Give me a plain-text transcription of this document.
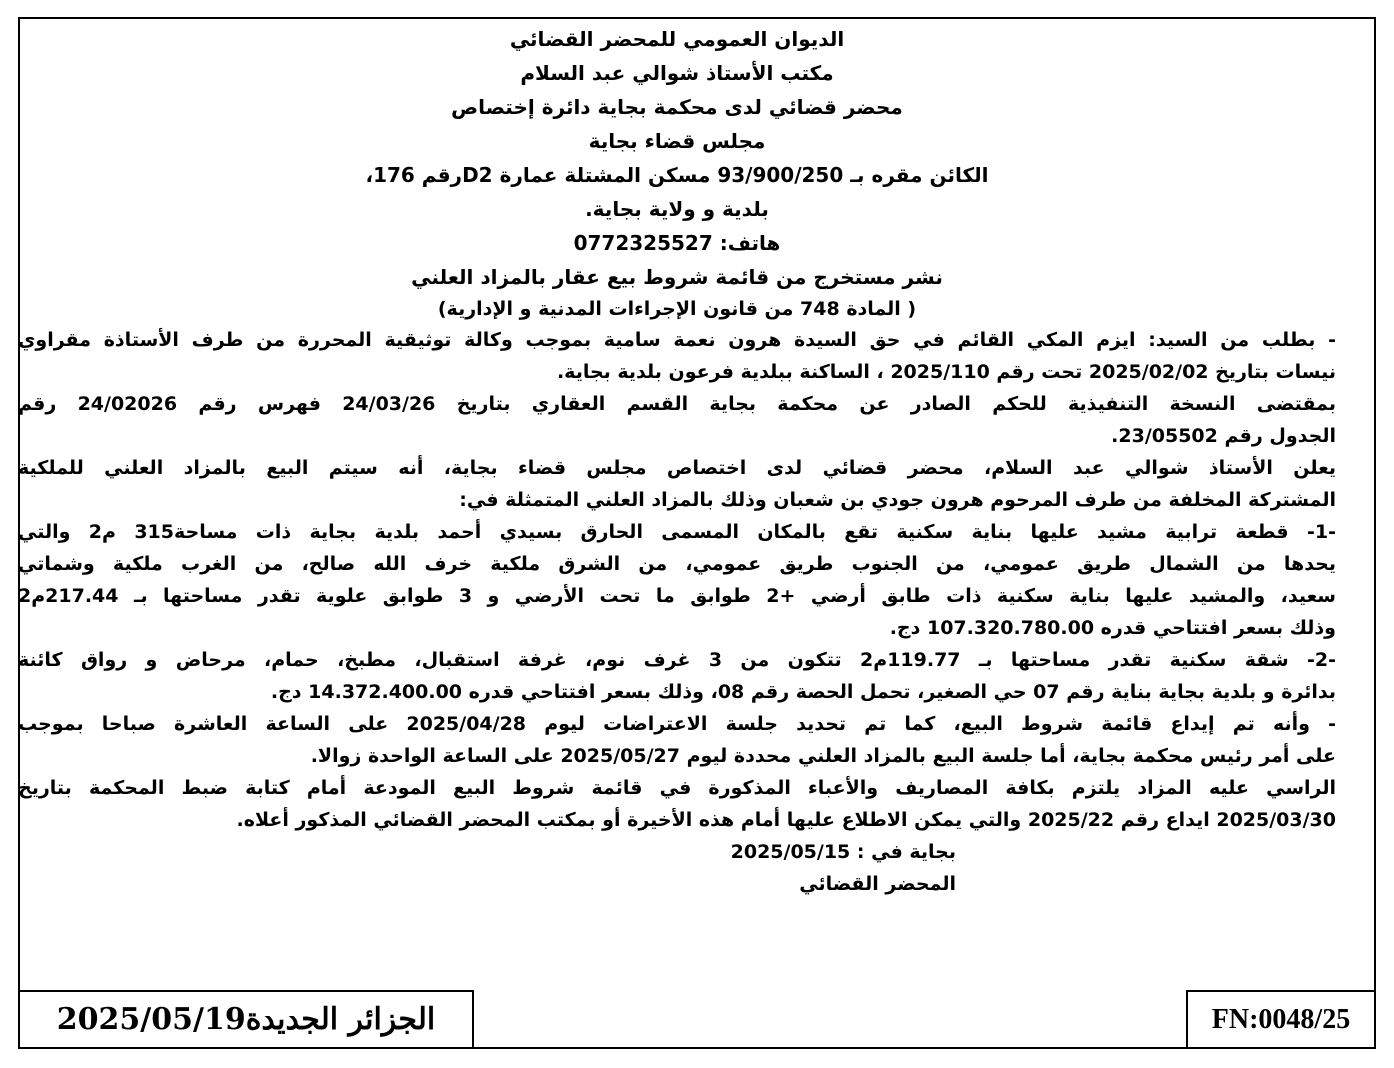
الديوان العمومي للمحضر القضائي
مكتب الأستاذ شوالي عبد السلام
محضر قضائي لدى محكمة بجاية دائرة إختصاص
مجلس قضاء بجاية
الكائن مقره بـ 93/900/250 مسكن المشتلة عمارة D2رقم 176،
بلدية و ولاية بجاية.
هاتف: 0772325527
نشر مستخرج من قائمة شروط بيع عقار بالمزاد العلني
( المادة 748 من قانون الإجراءات المدنية و الإدارية)
- بطلب من السيد: ايزم المكي القائم في حق السيدة هرون نعمة سامية بموجب وكالة توثيقية المحررة من طرف الأستاذة مقراوي
نيسات بتاريخ 2025/02/02 تحت رقم 2025/110 ، الساكنة ببلدية فرعون بلدية بجاية.
بمقتضى النسخة التنفيذية للحكم الصادر عن محكمة بجاية القسم العقاري بتاريخ 24/03/26 فهرس رقم 24/02026 رقم
الجدول رقم 23/05502.
يعلن الأستاذ شوالي عبد السلام، محضر قضائي لدى اختصاص مجلس قضاء بجاية، أنه سيتم البيع بالمزاد العلني للملكية
المشتركة المخلفة من طرف المرحوم هرون جودي بن شعبان وذلك بالمزاد العلني المتمثلة في:
-1- قطعة ترابية مشيد عليها بناية سكنية تقع بالمكان المسمى الحارق بسيدي أحمد بلدية بجاية ذات مساحة315 م2 والتي
يحدها من الشمال طريق عمومي، من الجنوب طريق عمومي، من الشرق ملكية خرف الله صالح، من الغرب ملكية وشماتي
سعيد، والمشيد عليها بناية سكنية ذات طابق أرضي +2 طوابق ما تحت الأرضي و 3 طوابق علوية تقدر مساحتها بـ 217.44م2
وذلك بسعر افتتاحي قدره 107.320.780.00 دج.
-2- شقة سكنية تقدر مساحتها بـ 119.77م2 تتكون من 3 غرف نوم، غرفة استقبال، مطبخ، حمام، مرحاض و رواق كائنة
بدائرة و بلدية بجاية بناية رقم 07 حي الصغير، تحمل الحصة رقم 08، وذلك بسعر افتتاحي قدره 14.372.400.00 دج.
- وأنه تم إيداع قائمة شروط البيع، كما تم تحديد جلسة الاعتراضات ليوم 2025/04/28 على الساعة العاشرة صباحا بموجب
على أمر رئيس محكمة بجاية، أما جلسة البيع بالمزاد العلني محددة ليوم 2025/05/27 على الساعة الواحدة زوالا.
الراسي عليه المزاد يلتزم بكافة المصاريف والأعباء المذكورة في قائمة شروط البيع المودعة أمام كتابة ضبط المحكمة بتاريخ
2025/03/30 ايداع رقم 2025/22 والتي يمكن الاطلاع عليها أمام هذه الأخيرة أو بمكتب المحضر القضائي المذكور أعلاه.
بجاية في : 2025/05/15
المحضر القضائي
الجزائر الجديدة2025/05/19	FN:0048/25
